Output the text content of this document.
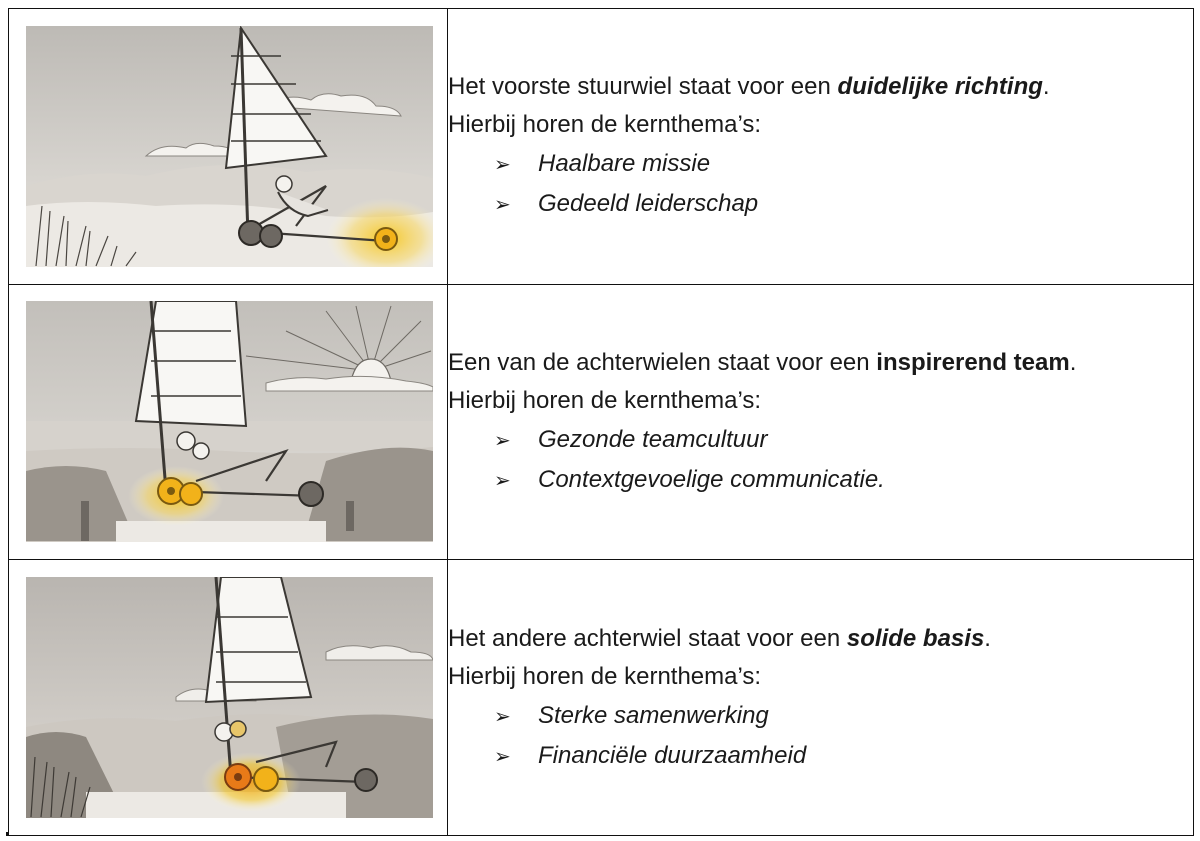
Het voorste stuurwiel staat voor een duidelijke richting.
Hierbij horen de kernthema’s:
➢ Haalbare missie
➢ Gedeeld leiderschap

Een van de achterwielen staat voor een inspirerend team.
Hierbij horen de kernthema’s:
➢ Gezonde teamcultuur
➢ Contextgevoelige communicatie.

Het andere achterwiel staat voor een solide basis.
Hierbij horen de kernthema’s:
➢ Sterke samenwerking
➢ Financiële duurzaamheid
